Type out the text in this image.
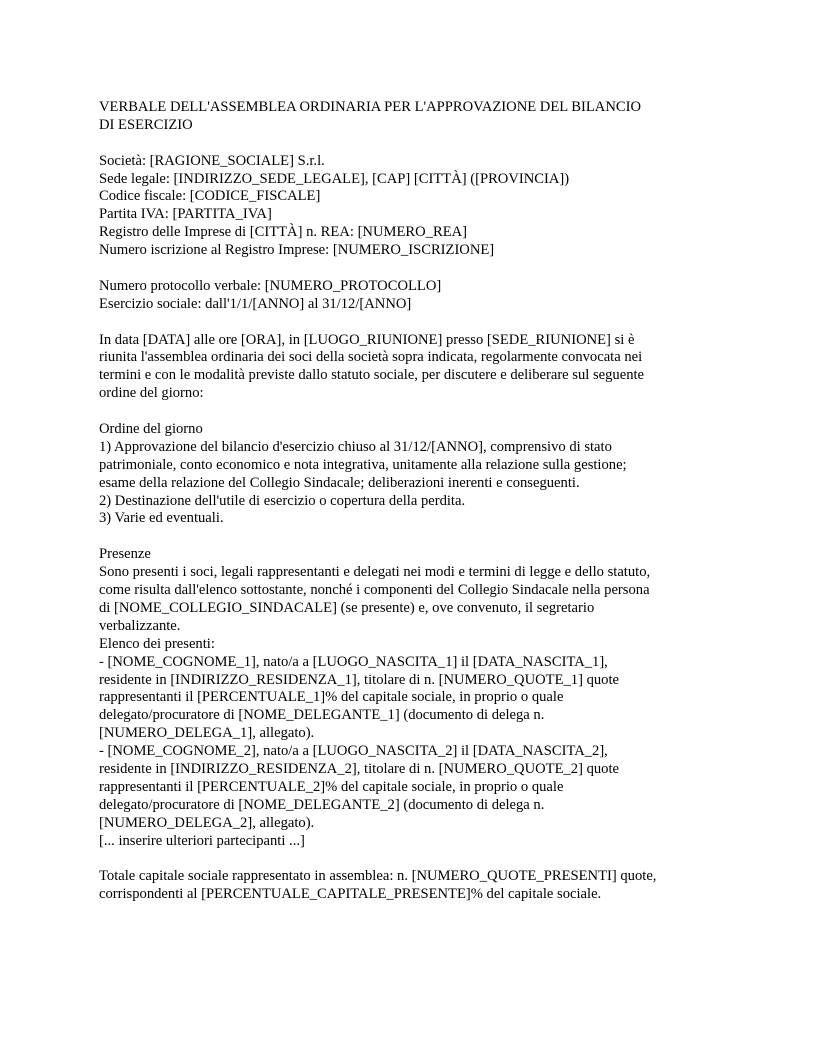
VERBALE DELL'ASSEMBLEA ORDINARIA PER L'APPROVAZIONE DEL BILANCIO
DI ESERCIZIO
Società: [RAGIONE_SOCIALE] S.r.l.
Sede legale: [INDIRIZZO_SEDE_LEGALE], [CAP] [CITTÀ] ([PROVINCIA])
Codice fiscale: [CODICE_FISCALE]
Partita IVA: [PARTITA_IVA]
Registro delle Imprese di [CITTÀ] n. REA: [NUMERO_REA]
Numero iscrizione al Registro Imprese: [NUMERO_ISCRIZIONE]
Numero protocollo verbale: [NUMERO_PROTOCOLLO]
Esercizio sociale: dall'1/1/[ANNO] al 31/12/[ANNO]
In data [DATA] alle ore [ORA], in [LUOGO_RIUNIONE] presso [SEDE_RIUNIONE] si è
riunita l'assemblea ordinaria dei soci della società sopra indicata, regolarmente convocata nei
termini e con le modalità previste dallo statuto sociale, per discutere e deliberare sul seguente
ordine del giorno:
Ordine del giorno
1) Approvazione del bilancio d'esercizio chiuso al 31/12/[ANNO], comprensivo di stato
patrimoniale, conto economico e nota integrativa, unitamente alla relazione sulla gestione;
esame della relazione del Collegio Sindacale; deliberazioni inerenti e conseguenti.
2) Destinazione dell'utile di esercizio o copertura della perdita.
3) Varie ed eventuali.
Presenze
Sono presenti i soci, legali rappresentanti e delegati nei modi e termini di legge e dello statuto,
come risulta dall'elenco sottostante, nonché i componenti del Collegio Sindacale nella persona
di [NOME_COLLEGIO_SINDACALE] (se presente) e, ove convenuto, il segretario
verbalizzante.
Elenco dei presenti:
- [NOME_COGNOME_1], nato/a a [LUOGO_NASCITA_1] il [DATA_NASCITA_1],
residente in [INDIRIZZO_RESIDENZA_1], titolare di n. [NUMERO_QUOTE_1] quote
rappresentanti il [PERCENTUALE_1]% del capitale sociale, in proprio o quale
delegato/procuratore di [NOME_DELEGANTE_1] (documento di delega n.
[NUMERO_DELEGA_1], allegato).
- [NOME_COGNOME_2], nato/a a [LUOGO_NASCITA_2] il [DATA_NASCITA_2],
residente in [INDIRIZZO_RESIDENZA_2], titolare di n. [NUMERO_QUOTE_2] quote
rappresentanti il [PERCENTUALE_2]% del capitale sociale, in proprio o quale
delegato/procuratore di [NOME_DELEGANTE_2] (documento di delega n.
[NUMERO_DELEGA_2], allegato).
[... inserire ulteriori partecipanti ...]
Totale capitale sociale rappresentato in assemblea: n. [NUMERO_QUOTE_PRESENTI] quote,
corrispondenti al [PERCENTUALE_CAPITALE_PRESENTE]% del capitale sociale.
